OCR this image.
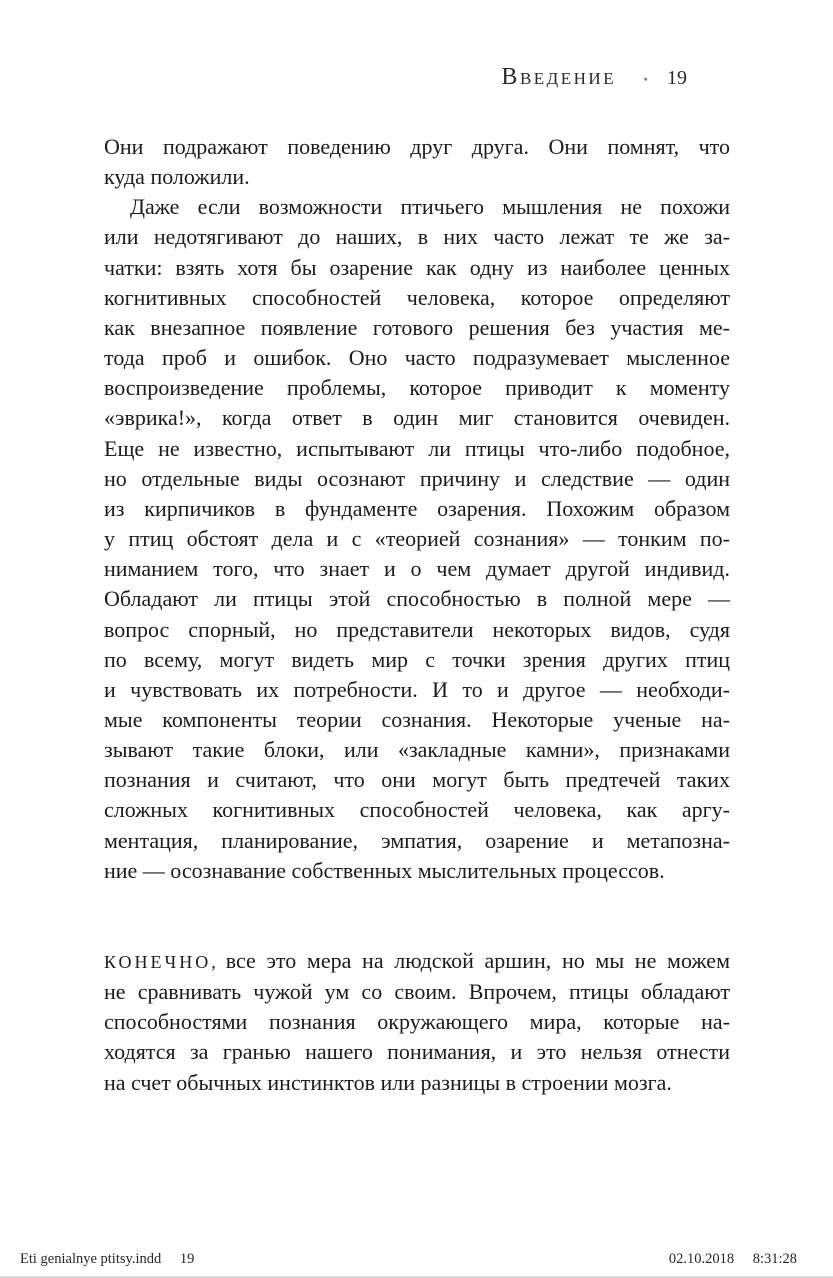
ВВЕДЕНИЕ • 19
Они подражают поведению друг друга. Они помнят, что
куда положили.
Даже если возможности птичьего мышления не похожи
или недотягивают до наших, в них часто лежат те же за-
чатки: взять хотя бы озарение как одну из наиболее ценных
когнитивных способностей человека, которое определяют
как внезапное появление готового решения без участия ме-
тода проб и ошибок. Оно часто подразумевает мысленное
воспроизведение проблемы, которое приводит к моменту
«эврика!», когда ответ в один миг становится очевиден.
Еще не известно, испытывают ли птицы что-либо подобное,
но отдельные виды осознают причину и следствие — один
из кирпичиков в фундаменте озарения. Похожим образом
у птиц обстоят дела и с «теорией сознания» — тонким по-
ниманием того, что знает и о чем думает другой индивид.
Обладают ли птицы этой способностью в полной мере —
вопрос спорный, но представители некоторых видов, судя
по всему, могут видеть мир с точки зрения других птиц
и чувствовать их потребности. И то и другое — необходи-
мые компоненты теории сознания. Некоторые ученые на-
зывают такие блоки, или «закладные камни», признаками
познания и считают, что они могут быть предтечей таких
сложных когнитивных способностей человека, как аргу-
ментация, планирование, эмпатия, озарение и метапозна-
ние — осознавание собственных мыслительных процессов.
КОНЕЧНО, все это мера на людской аршин, но мы не можем
не сравнивать чужой ум со своим. Впрочем, птицы обладают
способностями познания окружающего мира, которые на-
ходятся за гранью нашего понимания, и это нельзя отнести
на счет обычных инстинктов или разницы в строении мозга.
Eti genialnye ptitsy.indd 19	02.10.2018 8:31:28
